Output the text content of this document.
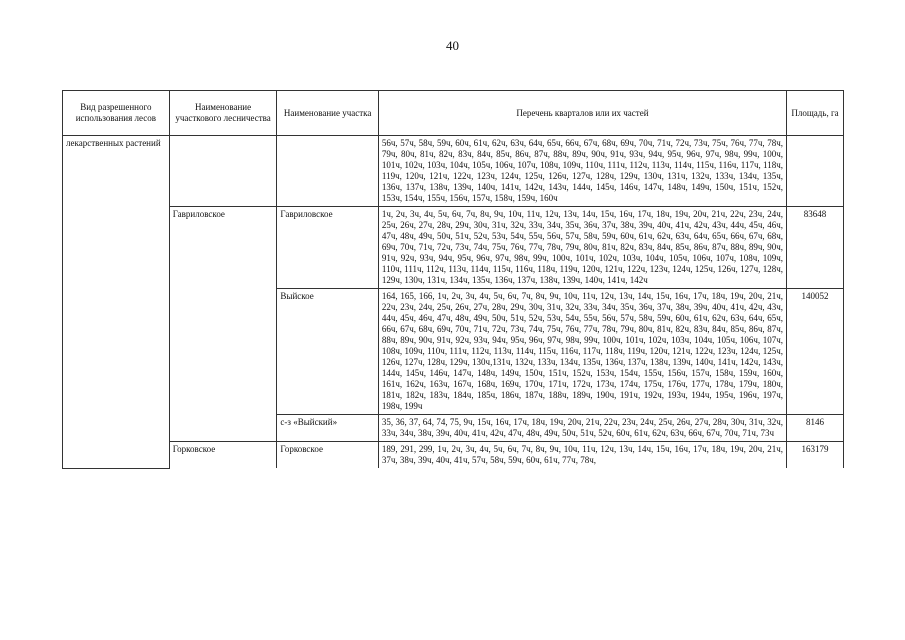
40
Вид разрешенного использования лесов	Наименование участкового лесничества	Наименование участка	Перечень кварталов или их частей	Площадь, га
лекарственных растений			56ч, 57ч, 58ч, 59ч, 60ч, 61ч, 62ч, 63ч, 64ч, 65ч, 66ч, 67ч, 68ч, 69ч, 70ч, 71ч, 72ч, 73ч, 75ч, 76ч, 77ч, 78ч, 79ч, 80ч, 81ч, 82ч, 83ч, 84ч, 85ч, 86ч, 87ч, 88ч, 89ч, 90ч, 91ч, 93ч, 94ч, 95ч, 96ч, 97ч, 98ч, 99ч, 100ч, 101ч, 102ч, 103ч, 104ч, 105ч, 106ч, 107ч, 108ч, 109ч, 110ч, 111ч, 112ч, 113ч, 114ч, 115ч, 116ч, 117ч, 118ч, 119ч, 120ч, 121ч, 122ч, 123ч, 124ч, 125ч, 126ч, 127ч, 128ч, 129ч, 130ч, 131ч, 132ч, 133ч, 134ч, 135ч, 136ч, 137ч, 138ч, 139ч, 140ч, 141ч, 142ч, 143ч, 144ч, 145ч, 146ч, 147ч, 148ч, 149ч, 150ч, 151ч, 152ч, 153ч, 154ч, 155ч, 156ч, 157ч, 158ч, 159ч, 160ч	
	Гавриловское	Гавриловское	1ч, 2ч, 3ч, 4ч, 5ч, 6ч, 7ч, 8ч, 9ч, 10ч, 11ч, 12ч, 13ч, 14ч, 15ч, 16ч, 17ч, 18ч, 19ч, 20ч, 21ч, 22ч, 23ч, 24ч, 25ч, 26ч, 27ч, 28ч, 29ч, 30ч, 31ч, 32ч, 33ч, 34ч, 35ч, 36ч, 37ч, 38ч, 39ч, 40ч, 41ч, 42ч, 43ч, 44ч, 45ч, 46ч, 47ч, 48ч, 49ч, 50ч, 51ч, 52ч, 53ч, 54ч, 55ч, 56ч, 57ч, 58ч, 59ч, 60ч, 61ч, 62ч, 63ч, 64ч, 65ч, 66ч, 67ч, 68ч, 69ч, 70ч, 71ч, 72ч, 73ч, 74ч, 75ч, 76ч, 77ч, 78ч, 79ч, 80ч, 81ч, 82ч, 83ч, 84ч, 85ч, 86ч, 87ч, 88ч, 89ч, 90ч, 91ч, 92ч, 93ч, 94ч, 95ч, 96ч, 97ч, 98ч, 99ч, 100ч, 101ч, 102ч, 103ч, 104ч, 105ч, 106ч, 107ч, 108ч, 109ч, 110ч, 111ч, 112ч, 113ч, 114ч, 115ч, 116ч, 118ч, 119ч, 120ч, 121ч, 122ч, 123ч, 124ч, 125ч, 126ч, 127ч, 128ч, 129ч, 130ч, 131ч, 134ч, 135ч, 136ч, 137ч, 138ч, 139ч, 140ч, 141ч, 142ч	83648
		Выйское	164, 165, 166, 1ч, 2ч, 3ч, 4ч, 5ч, 6ч, 7ч, 8ч, 9ч, 10ч, 11ч, 12ч, 13ч, 14ч, 15ч, 16ч, 17ч, 18ч, 19ч, 20ч, 21ч, 22ч, 23ч, 24ч, 25ч, 26ч, 27ч, 28ч, 29ч, 30ч, 31ч, 32ч, 33ч, 34ч, 35ч, 36ч, 37ч, 38ч, 39ч, 40ч, 41ч, 42ч, 43ч, 44ч, 45ч, 46ч, 47ч, 48ч, 49ч, 50ч, 51ч, 52ч, 53ч, 54ч, 55ч, 56ч, 57ч, 58ч, 59ч, 60ч, 61ч, 62ч, 63ч, 64ч, 65ч, 66ч, 67ч, 68ч, 69ч, 70ч, 71ч, 72ч, 73ч, 74ч, 75ч, 76ч, 77ч, 78ч, 79ч, 80ч, 81ч, 82ч, 83ч, 84ч, 85ч, 86ч, 87ч, 88ч, 89ч, 90ч, 91ч, 92ч, 93ч, 94ч, 95ч, 96ч, 97ч, 98ч, 99ч, 100ч, 101ч, 102ч, 103ч, 104ч, 105ч, 106ч, 107ч, 108ч, 109ч, 110ч, 111ч, 112ч, 113ч, 114ч, 115ч, 116ч, 117ч, 118ч, 119ч, 120ч, 121ч, 122ч, 123ч, 124ч, 125ч, 126ч, 127ч, 128ч, 129ч, 130ч,131ч, 132ч, 133ч, 134ч, 135ч, 136ч, 137ч, 138ч, 139ч, 140ч, 141ч, 142ч, 143ч, 144ч, 145ч, 146ч, 147ч, 148ч, 149ч, 150ч, 151ч, 152ч, 153ч, 154ч, 155ч, 156ч, 157ч, 158ч, 159ч, 160ч, 161ч, 162ч, 163ч, 167ч, 168ч, 169ч, 170ч, 171ч, 172ч, 173ч, 174ч, 175ч, 176ч, 177ч, 178ч, 179ч, 180ч, 181ч, 182ч, 183ч, 184ч, 185ч, 186ч, 187ч, 188ч, 189ч, 190ч, 191ч, 192ч, 193ч, 194ч, 195ч, 196ч, 197ч, 198ч, 199ч	140052
		с-з «Выйский»	35, 36, 37, 64, 74, 75, 9ч, 15ч, 16ч, 17ч, 18ч, 19ч, 20ч, 21ч, 22ч, 23ч, 24ч, 25ч, 26ч, 27ч, 28ч, 30ч, 31ч, 32ч, 33ч, 34ч, 38ч, 39ч, 40ч, 41ч, 42ч, 47ч, 48ч, 49ч, 50ч, 51ч, 52ч, 60ч, 61ч, 62ч, 63ч, 66ч, 67ч, 70ч, 71ч, 73ч	8146
	Горковское	Горковское	189, 291, 299, 1ч, 2ч, 3ч, 4ч, 5ч, 6ч, 7ч, 8ч, 9ч, 10ч, 11ч, 12ч, 13ч, 14ч, 15ч, 16ч, 17ч, 18ч, 19ч, 20ч, 21ч, 37ч, 38ч, 39ч, 40ч, 41ч, 57ч, 58ч, 59ч, 60ч, 61ч, 77ч, 78ч,	163179
